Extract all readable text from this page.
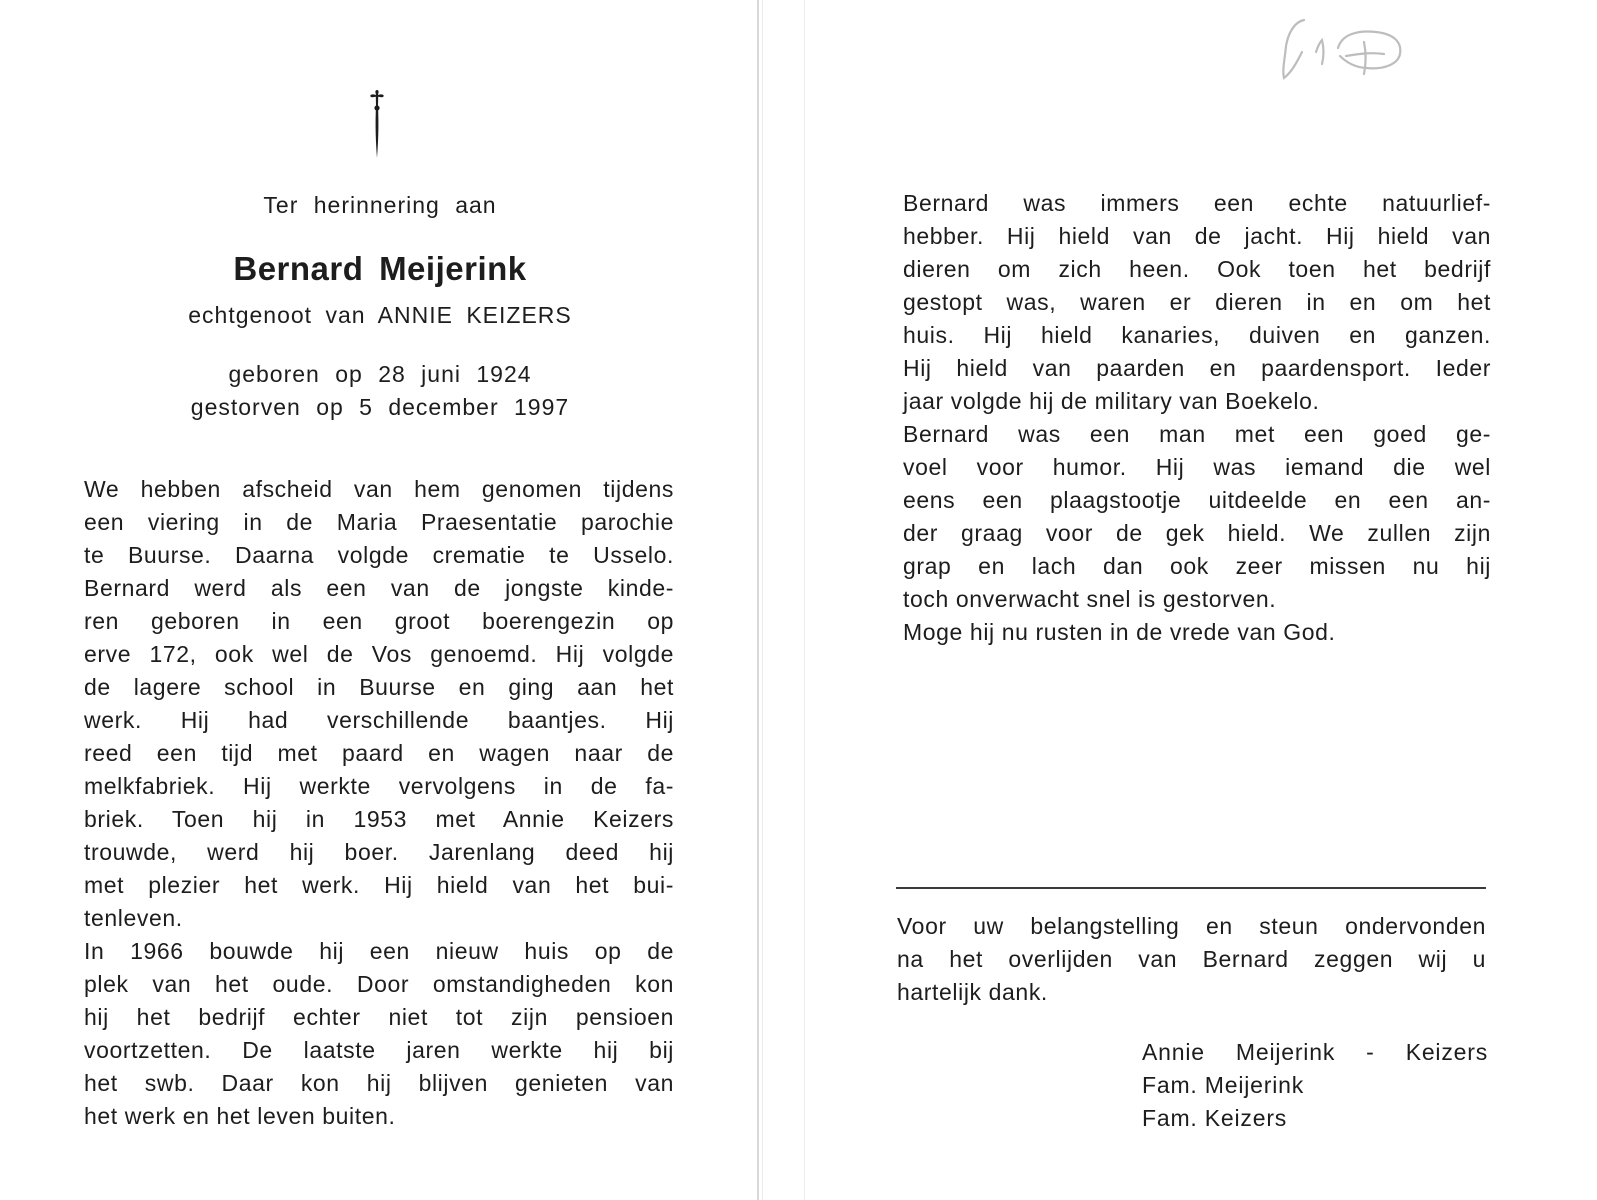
Ter herinnering aan
Bernard Meijerink
echtgenoot van ANNIE KEIZERS
geboren op 28 juni 1924
gestorven op 5 december 1997
We hebben afscheid van hem genomen tijdens
een viering in de Maria Praesentatie parochie
te Buurse. Daarna volgde crematie te Usselo.
Bernard werd als een van de jongste kinde-
ren geboren in een groot boerengezin op
erve 172, ook wel de Vos genoemd. Hij volgde
de lagere school in Buurse en ging aan het
werk. Hij had verschillende baantjes. Hij
reed een tijd met paard en wagen naar de
melkfabriek. Hij werkte vervolgens in de fa-
briek. Toen hij in 1953 met Annie Keizers
trouwde, werd hij boer. Jarenlang deed hij
met plezier het werk. Hij hield van het bui-
tenleven.
In 1966 bouwde hij een nieuw huis op de
plek van het oude. Door omstandigheden kon
hij het bedrijf echter niet tot zijn pensioen
voortzetten. De laatste jaren werkte hij bij
het swb. Daar kon hij blijven genieten van
het werk en het leven buiten.
Bernard was immers een echte natuurlief-
hebber. Hij hield van de jacht. Hij hield van
dieren om zich heen. Ook toen het bedrijf
gestopt was, waren er dieren in en om het
huis. Hij hield kanaries, duiven en ganzen.
Hij hield van paarden en paardensport. Ieder
jaar volgde hij de military van Boekelo.
Bernard was een man met een goed ge-
voel voor humor. Hij was iemand die wel
eens een plaagstootje uitdeelde en een an-
der graag voor de gek hield. We zullen zijn
grap en lach dan ook zeer missen nu hij
toch onverwacht snel is gestorven.
Moge hij nu rusten in de vrede van God.
Voor uw belangstelling en steun ondervonden
na het overlijden van Bernard zeggen wij u
hartelijk dank.
Annie Meijerink - Keizers
Fam. Meijerink
Fam. Keizers
